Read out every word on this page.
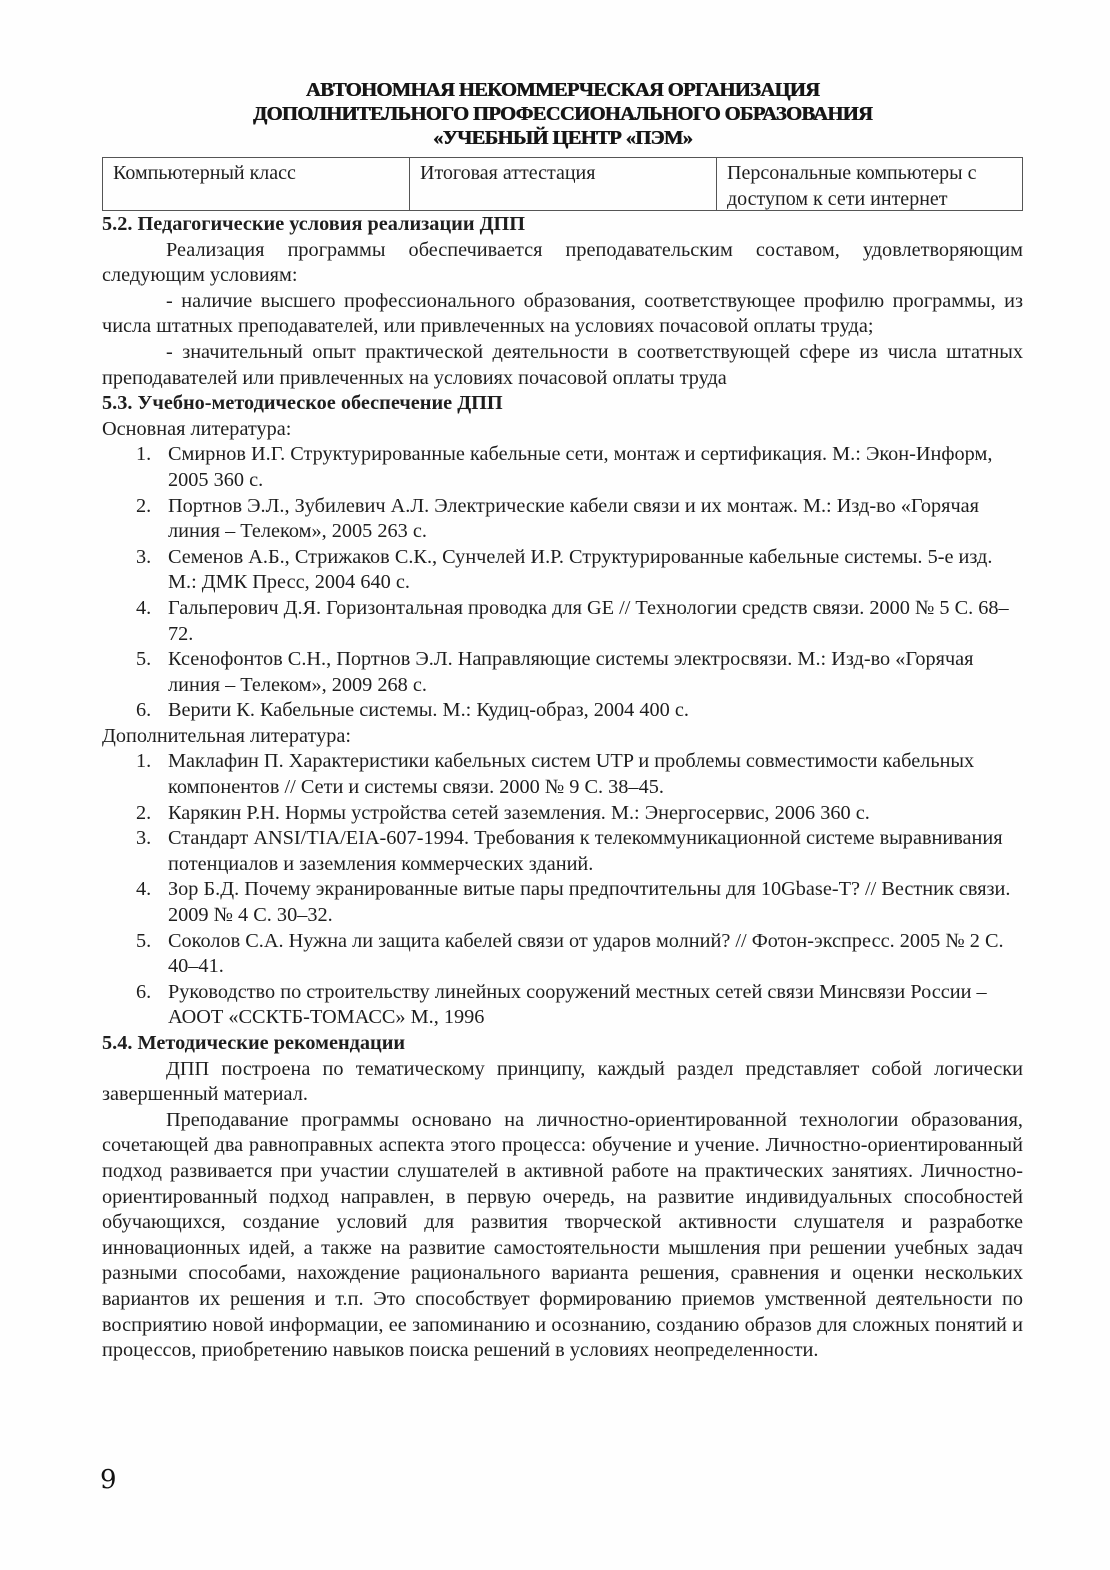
АВТОНОМНАЯ НЕКОММЕРЧЕСКАЯ ОРГАНИЗАЦИЯ
ДОПОЛНИТЕЛЬНОГО ПРОФЕССИОНАЛЬНОГО ОБРАЗОВАНИЯ
«УЧЕБНЫЙ ЦЕНТР «ПЭМ»
Компьютерный класс	Итоговая аттестация	Персональные компьютеры с доступом к сети интернет

5.2. Педагогические условия реализации ДПП

Реализация программы обеспечивается преподавательским составом, удовлетворяющим следующим условиям:

- наличие высшего профессионального образования, соответствующее профилю программы, из числа штатных преподавателей, или привлеченных на условиях почасовой оплаты труда;

- значительный опыт практической деятельности в соответствующей сфере из числа штатных преподавателей или привлеченных на условиях почасовой оплаты труда

5.3. Учебно-методическое обеспечение ДПП

Основная литература:

1. Смирнов И.Г. Структурированные кабельные сети, монтаж и сертификация. М.: Экон-Информ, 2005 360 с.
2. Портнов Э.Л., Зубилевич А.Л. Электрические кабели связи и их монтаж. М.: Изд-во «Горячая линия – Телеком», 2005 263 с.
3. Семенов А.Б., Стрижаков С.К., Сунчелей И.Р. Структурированные кабельные системы. 5-е изд. М.: ДМК Пресс, 2004 640 с.
4. Гальперович Д.Я. Горизонтальная проводка для GE // Технологии средств связи. 2000 № 5 С. 68–72.
5. Ксенофонтов С.Н., Портнов Э.Л. Направляющие системы электросвязи. М.: Изд-во «Горячая линия – Телеком», 2009 268 с.
6. Верити К. Кабельные системы. М.: Кудиц-образ, 2004 400 с.

Дополнительная литература:

1. Маклафин П. Характеристики кабельных систем UTP и проблемы совместимости кабельных компонентов // Сети и системы связи. 2000 № 9 С. 38–45.
2. Карякин Р.Н. Нормы устройства сетей заземления. М.: Энергосервис, 2006 360 с.
3. Стандарт ANSI/TIA/EIA-607-1994. Требования к телекоммуникационной системе выравнивания потенциалов и заземления коммерческих зданий.
4. Зор Б.Д. Почему экранированные витые пары предпочтительны для 10Gbase-T? // Вестник связи. 2009 № 4 С. 30–32.
5. Соколов С.А. Нужна ли защита кабелей связи от ударов молний? // Фотон-экспресс. 2005 № 2 С. 40–41.
6. Руководство по строительству линейных сооружений местных сетей связи Минсвязи России – АООТ «ССКТБ-ТОМАСС» М., 1996

5.4. Методические рекомендации

ДПП построена по тематическому принципу, каждый раздел представляет собой логически завершенный материал.

Преподавание программы основано на личностно-ориентированной технологии образования, сочетающей два равноправных аспекта этого процесса: обучение и учение. Личностно-ориентированный подход развивается при участии слушателей в активной работе на практических занятиях. Личностно-ориентированный подход направлен, в первую очередь, на развитие индивидуальных способностей обучающихся, создание условий для развития творческой активности слушателя и разработке инновационных идей, а также на развитие самостоятельности мышления при решении учебных задач разными способами, нахождение рационального варианта решения, сравнения и оценки нескольких вариантов их решения и т.п. Это способствует формированию приемов умственной деятельности по восприятию новой информации, ее запоминанию и осознанию, созданию образов для сложных понятий и процессов, приобретению навыков поиска решений в условиях неопределенности.

9
